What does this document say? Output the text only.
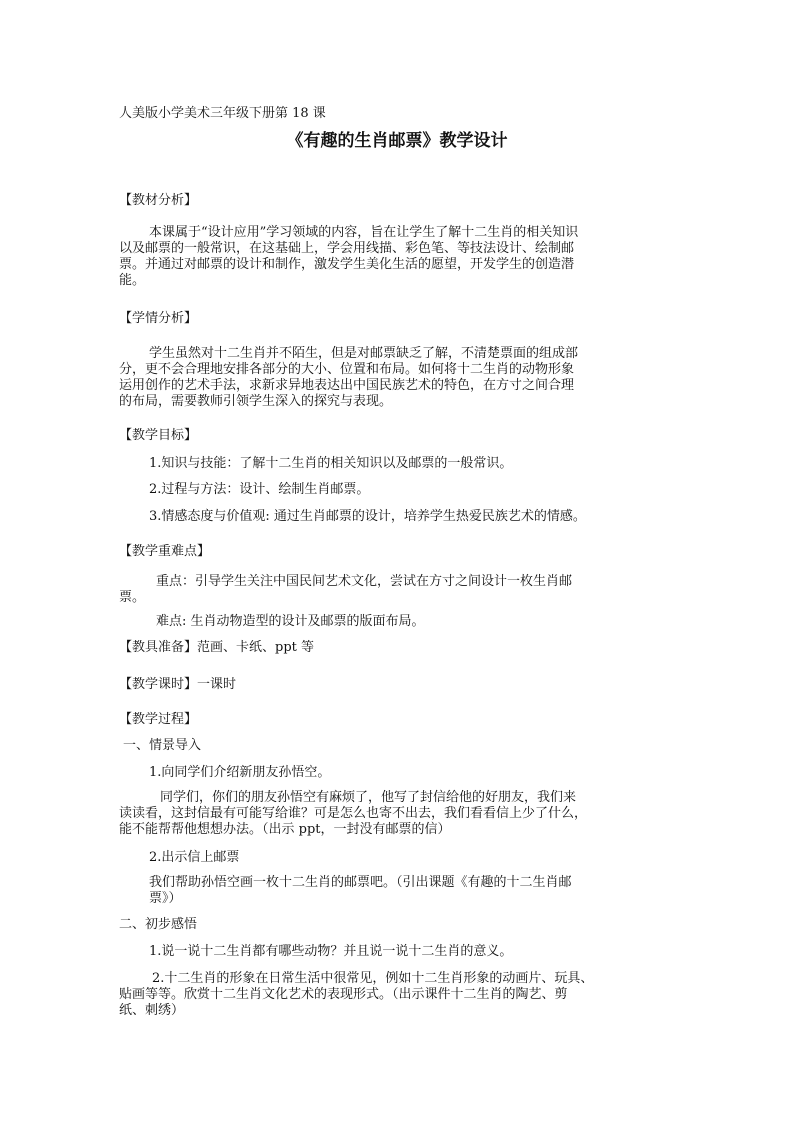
人美版小学美术三年级下册第 18 课
《有趣的生肖邮票》教学设计
【教材分析】
本课属于“设计应用”学习领域的内容，旨在让学生了解十二生肖的相关知识
以及邮票的一般常识，在这基础上，学会用线描、彩色笔、等技法设计、绘制邮
票。并通过对邮票的设计和制作，激发学生美化生活的愿望，开发学生的创造潜
能。
【学情分析】
学生虽然对十二生肖并不陌生，但是对邮票缺乏了解，不清楚票面的组成部
分，更不会合理地安排各部分的大小、位置和布局。如何将十二生肖的动物形象
运用创作的艺术手法，求新求异地表达出中国民族艺术的特色，在方寸之间合理
的布局，需要教师引领学生深入的探究与表现。
【教学目标】
1.知识与技能：了解十二生肖的相关知识以及邮票的一般常识。
2.过程与方法：设计、绘制生肖邮票。
3.情感态度与价值观: 通过生肖邮票的设计，培养学生热爱民族艺术的情感。
【教学重难点】
重点：引导学生关注中国民间艺术文化，尝试在方寸之间设计一枚生肖邮
票。
难点: 生肖动物造型的设计及邮票的版面布局。
【教具准备】范画、卡纸、ppt 等
【教学课时】一课时
【教学过程】
一、情景导入
1.向同学们介绍新朋友孙悟空。
同学们，你们的朋友孙悟空有麻烦了，他写了封信给他的好朋友，我们来
读读看，这封信最有可能写给谁？可是怎么也寄不出去，我们看看信上少了什么，
能不能帮帮他想想办法。（出示 ppt，一封没有邮票的信）
2.出示信上邮票
我们帮助孙悟空画一枚十二生肖的邮票吧。（引出课题《有趣的十二生肖邮
票》）
二、初步感悟
1.说一说十二生肖都有哪些动物？并且说一说十二生肖的意义。
2.十二生肖的形象在日常生活中很常见，例如十二生肖形象的动画片、玩具、
贴画等等。欣赏十二生肖文化艺术的表现形式。（出示课件十二生肖的陶艺、剪
纸、刺绣）
